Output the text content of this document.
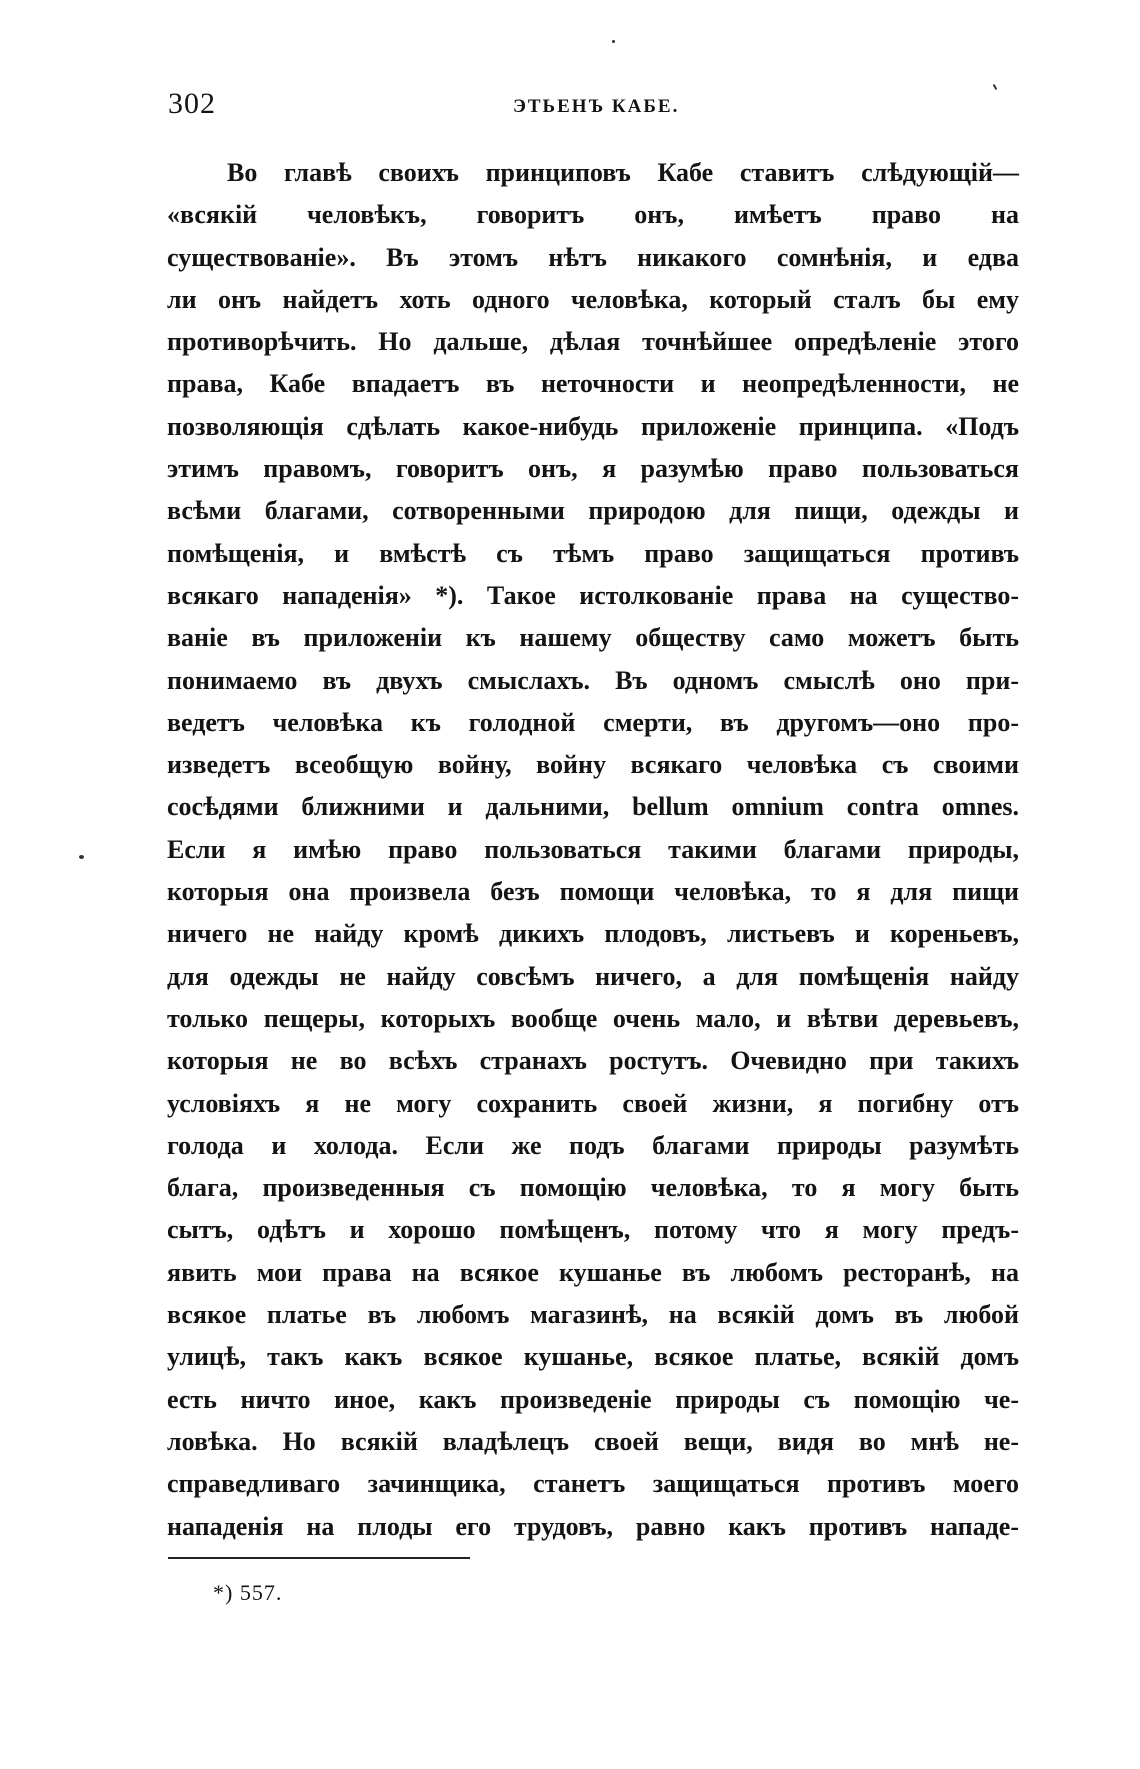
302	ЭТЬЕНЪ КАБЕ.
Во главѣ своихъ принциповъ Кабе ставитъ слѣдующій—
«всякій человѣкъ, говоритъ онъ, имѣетъ право на
существованіе». Въ этомъ нѣтъ никакого сомнѣнія, и едва
ли онъ найдетъ хоть одного человѣка, который сталъ бы ему
противорѣчить. Но дальше, дѣлая точнѣйшее опредѣленіе этого
права, Кабе впадаетъ въ неточности и неопредѣленности, не
позволяющія сдѣлать какое-нибудь приложеніе принципа. «Подъ
этимъ правомъ, говоритъ онъ, я разумѣю право пользоваться
всѣми благами, сотворенными природою для пищи, одежды и
помѣщенія, и вмѣстѣ съ тѣмъ право защищаться противъ
всякаго нападенія» *). Такое истолкованіе права на существо-
ваніе въ приложеніи къ нашему обществу само можетъ быть
понимаемо въ двухъ смыслахъ. Въ одномъ смыслѣ оно при-
ведетъ человѣка къ голодной смерти, въ другомъ—оно про-
изведетъ всеобщую войну, войну всякаго человѣка съ своими
сосѣдями ближними и дальними, bellum omnium contra omnes.
Если я имѣю право пользоваться такими благами природы,
которыя она произвела безъ помощи человѣка, то я для пищи
ничего не найду кромѣ дикихъ плодовъ, листьевъ и кореньевъ,
для одежды не найду совсѣмъ ничего, а для помѣщенія найду
только пещеры, которыхъ вообще очень мало, и вѣтви деревьевъ,
которыя не во всѣхъ странахъ ростутъ. Очевидно при такихъ
условіяхъ я не могу сохранить своей жизни, я погибну отъ
голода и холода. Если же подъ благами природы разумѣть
блага, произведенныя съ помощію человѣка, то я могу быть
сытъ, одѣтъ и хорошо помѣщенъ, потому что я могу предъ-
явить мои права на всякое кушанье въ любомъ ресторанѣ, на
всякое платье въ любомъ магазинѣ, на всякій домъ въ любой
улицѣ, такъ какъ всякое кушанье, всякое платье, всякій домъ
есть ничто иное, какъ произведеніе природы съ помощію че-
ловѣка. Но всякій владѣлецъ своей вещи, видя во мнѣ не-
справедливаго зачинщика, станетъ защищаться противъ моего
нападенія на плоды его трудовъ, равно какъ противъ нападе-
*) 557.
